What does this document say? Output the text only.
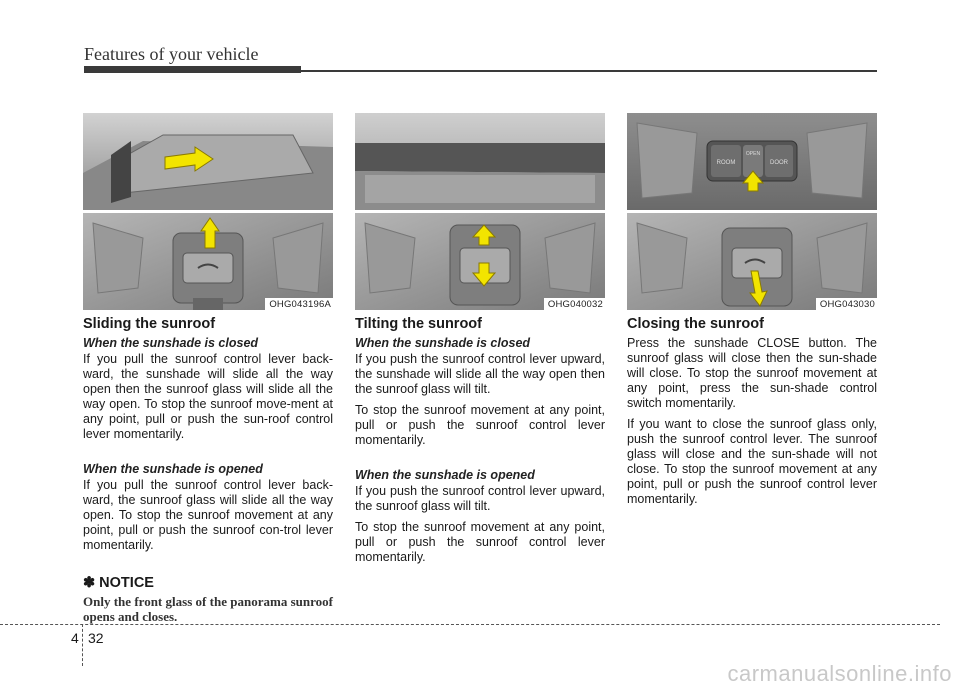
Features of your vehicle
OHG043196A
Sliding the sunroof
When the sunshade is closed

If you pull the sunroof control lever back-ward, the sunshade will slide all the way open then the sunroof glass will slide all the way open. To stop the sunroof move-ment at any point, pull or push the sun-roof control lever momentarily.

When the sunshade is opened

If you pull the sunroof control lever back-ward, the sunroof glass will slide all the way open. To stop the sunroof movement at any point, pull or push the sunroof con-trol lever momentarily.

✽ NOTICE
Only the front glass of the panorama sunroof opens and closes.
OHG040032
Tilting the sunroof
When the sunshade is closed

If you push the sunroof control lever upward, the sunshade will slide all the way open then the sunroof glass will tilt.

To stop the sunroof movement at any point, pull or push the sunroof control lever momentarily.

When the sunshade is opened

If you push the sunroof control lever upward, the sunroof glass will tilt.

To stop the sunroof movement at any point, pull or push the sunroof control lever momentarily.

ROOM
OPEN
DOOR
OHG043030
Closing the sunroof

Press the sunshade CLOSE button. The sunroof glass will close then the sun-shade will close. To stop the sunroof movement at any point, press the sun-shade control switch momentarily.

If you want to close the sunroof glass only, push the sunroof control lever. The sunroof glass will close and the sun-shade will not close. To stop the sunroof movement at any point, pull or push the sunroof control lever momentarily.

4 32
carmanualsonline.info
